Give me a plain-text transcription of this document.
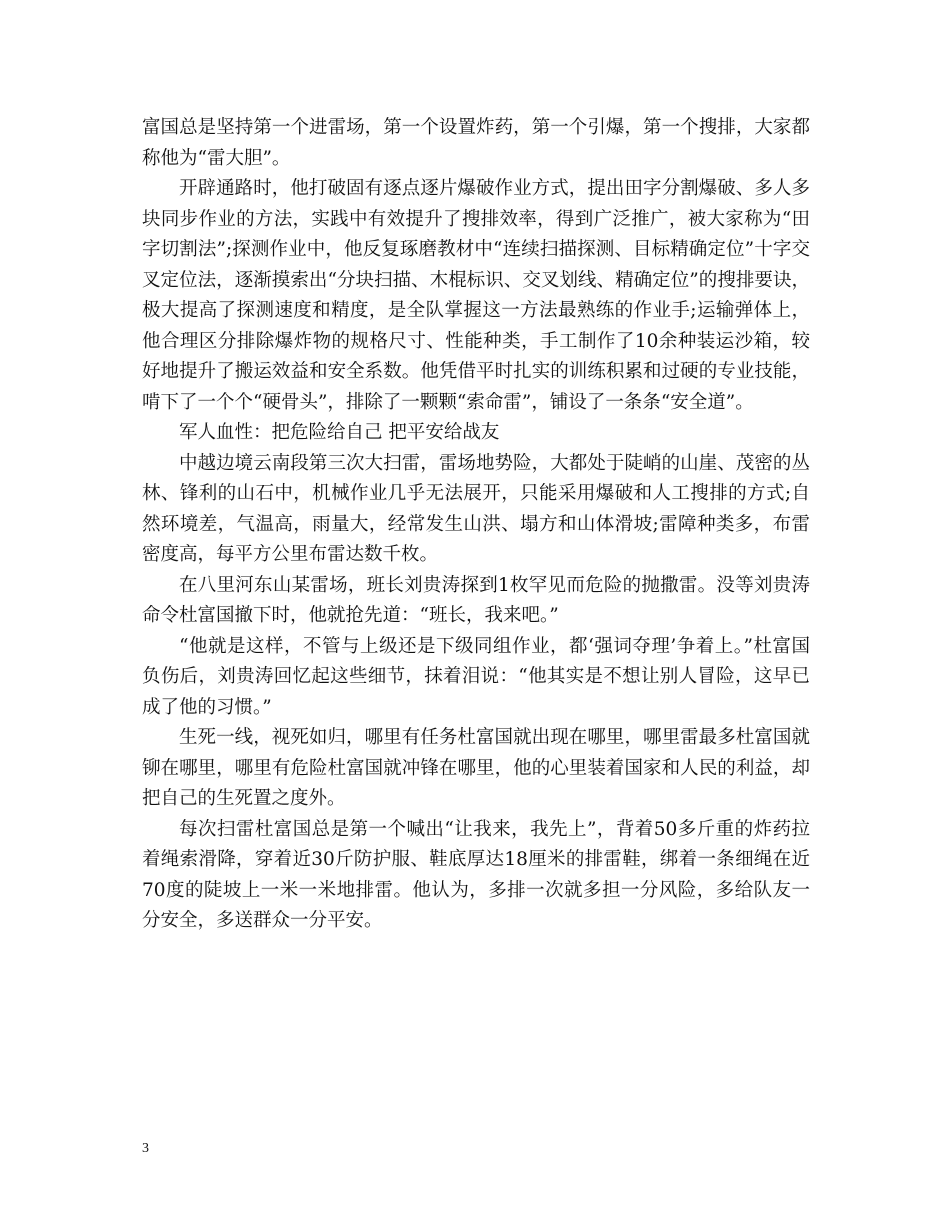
富国总是坚持第一个进雷场，第一个设置炸药，第一个引爆，第一个搜排，大家都称他为“雷大胆”。

开辟通路时，他打破固有逐点逐片爆破作业方式，提出田字分割爆破、多人多块同步作业的方法，实践中有效提升了搜排效率，得到广泛推广，被大家称为“田字切割法”;探测作业中，他反复琢磨教材中“连续扫描探测、目标精确定位”十字交叉定位法，逐渐摸索出“分块扫描、木棍标识、交叉划线、精确定位”的搜排要诀，极大提高了探测速度和精度，是全队掌握这一方法最熟练的作业手;运输弹体上，他合理区分排除爆炸物的规格尺寸、性能种类，手工制作了10余种装运沙箱，较好地提升了搬运效益和安全系数。他凭借平时扎实的训练积累和过硬的专业技能，啃下了一个个“硬骨头”，排除了一颗颗“索命雷”，铺设了一条条“安全道”。

军人血性：把危险给自己 把平安给战友

中越边境云南段第三次大扫雷，雷场地势险，大都处于陡峭的山崖、茂密的丛林、锋利的山石中，机械作业几乎无法展开，只能采用爆破和人工搜排的方式;自然环境差，气温高，雨量大，经常发生山洪、塌方和山体滑坡;雷障种类多，布雷密度高，每平方公里布雷达数千枚。

在八里河东山某雷场，班长刘贵涛探到1枚罕见而危险的抛撒雷。没等刘贵涛命令杜富国撤下时，他就抢先道：“班长，我来吧。”

“他就是这样，不管与上级还是下级同组作业，都‘强词夺理’争着上。”杜富国负伤后，刘贵涛回忆起这些细节，抹着泪说：“他其实是不想让别人冒险，这早已成了他的习惯。”

生死一线，视死如归，哪里有任务杜富国就出现在哪里，哪里雷最多杜富国就铆在哪里，哪里有危险杜富国就冲锋在哪里，他的心里装着国家和人民的利益，却把自己的生死置之度外。

每次扫雷杜富国总是第一个喊出“让我来，我先上”，背着50多斤重的炸药拉着绳索滑降，穿着近30斤防护服、鞋底厚达18厘米的排雷鞋，绑着一条细绳在近70度的陡坡上一米一米地排雷。他认为，多排一次就多担一分风险，多给队友一分安全，多送群众一分平安。

3
